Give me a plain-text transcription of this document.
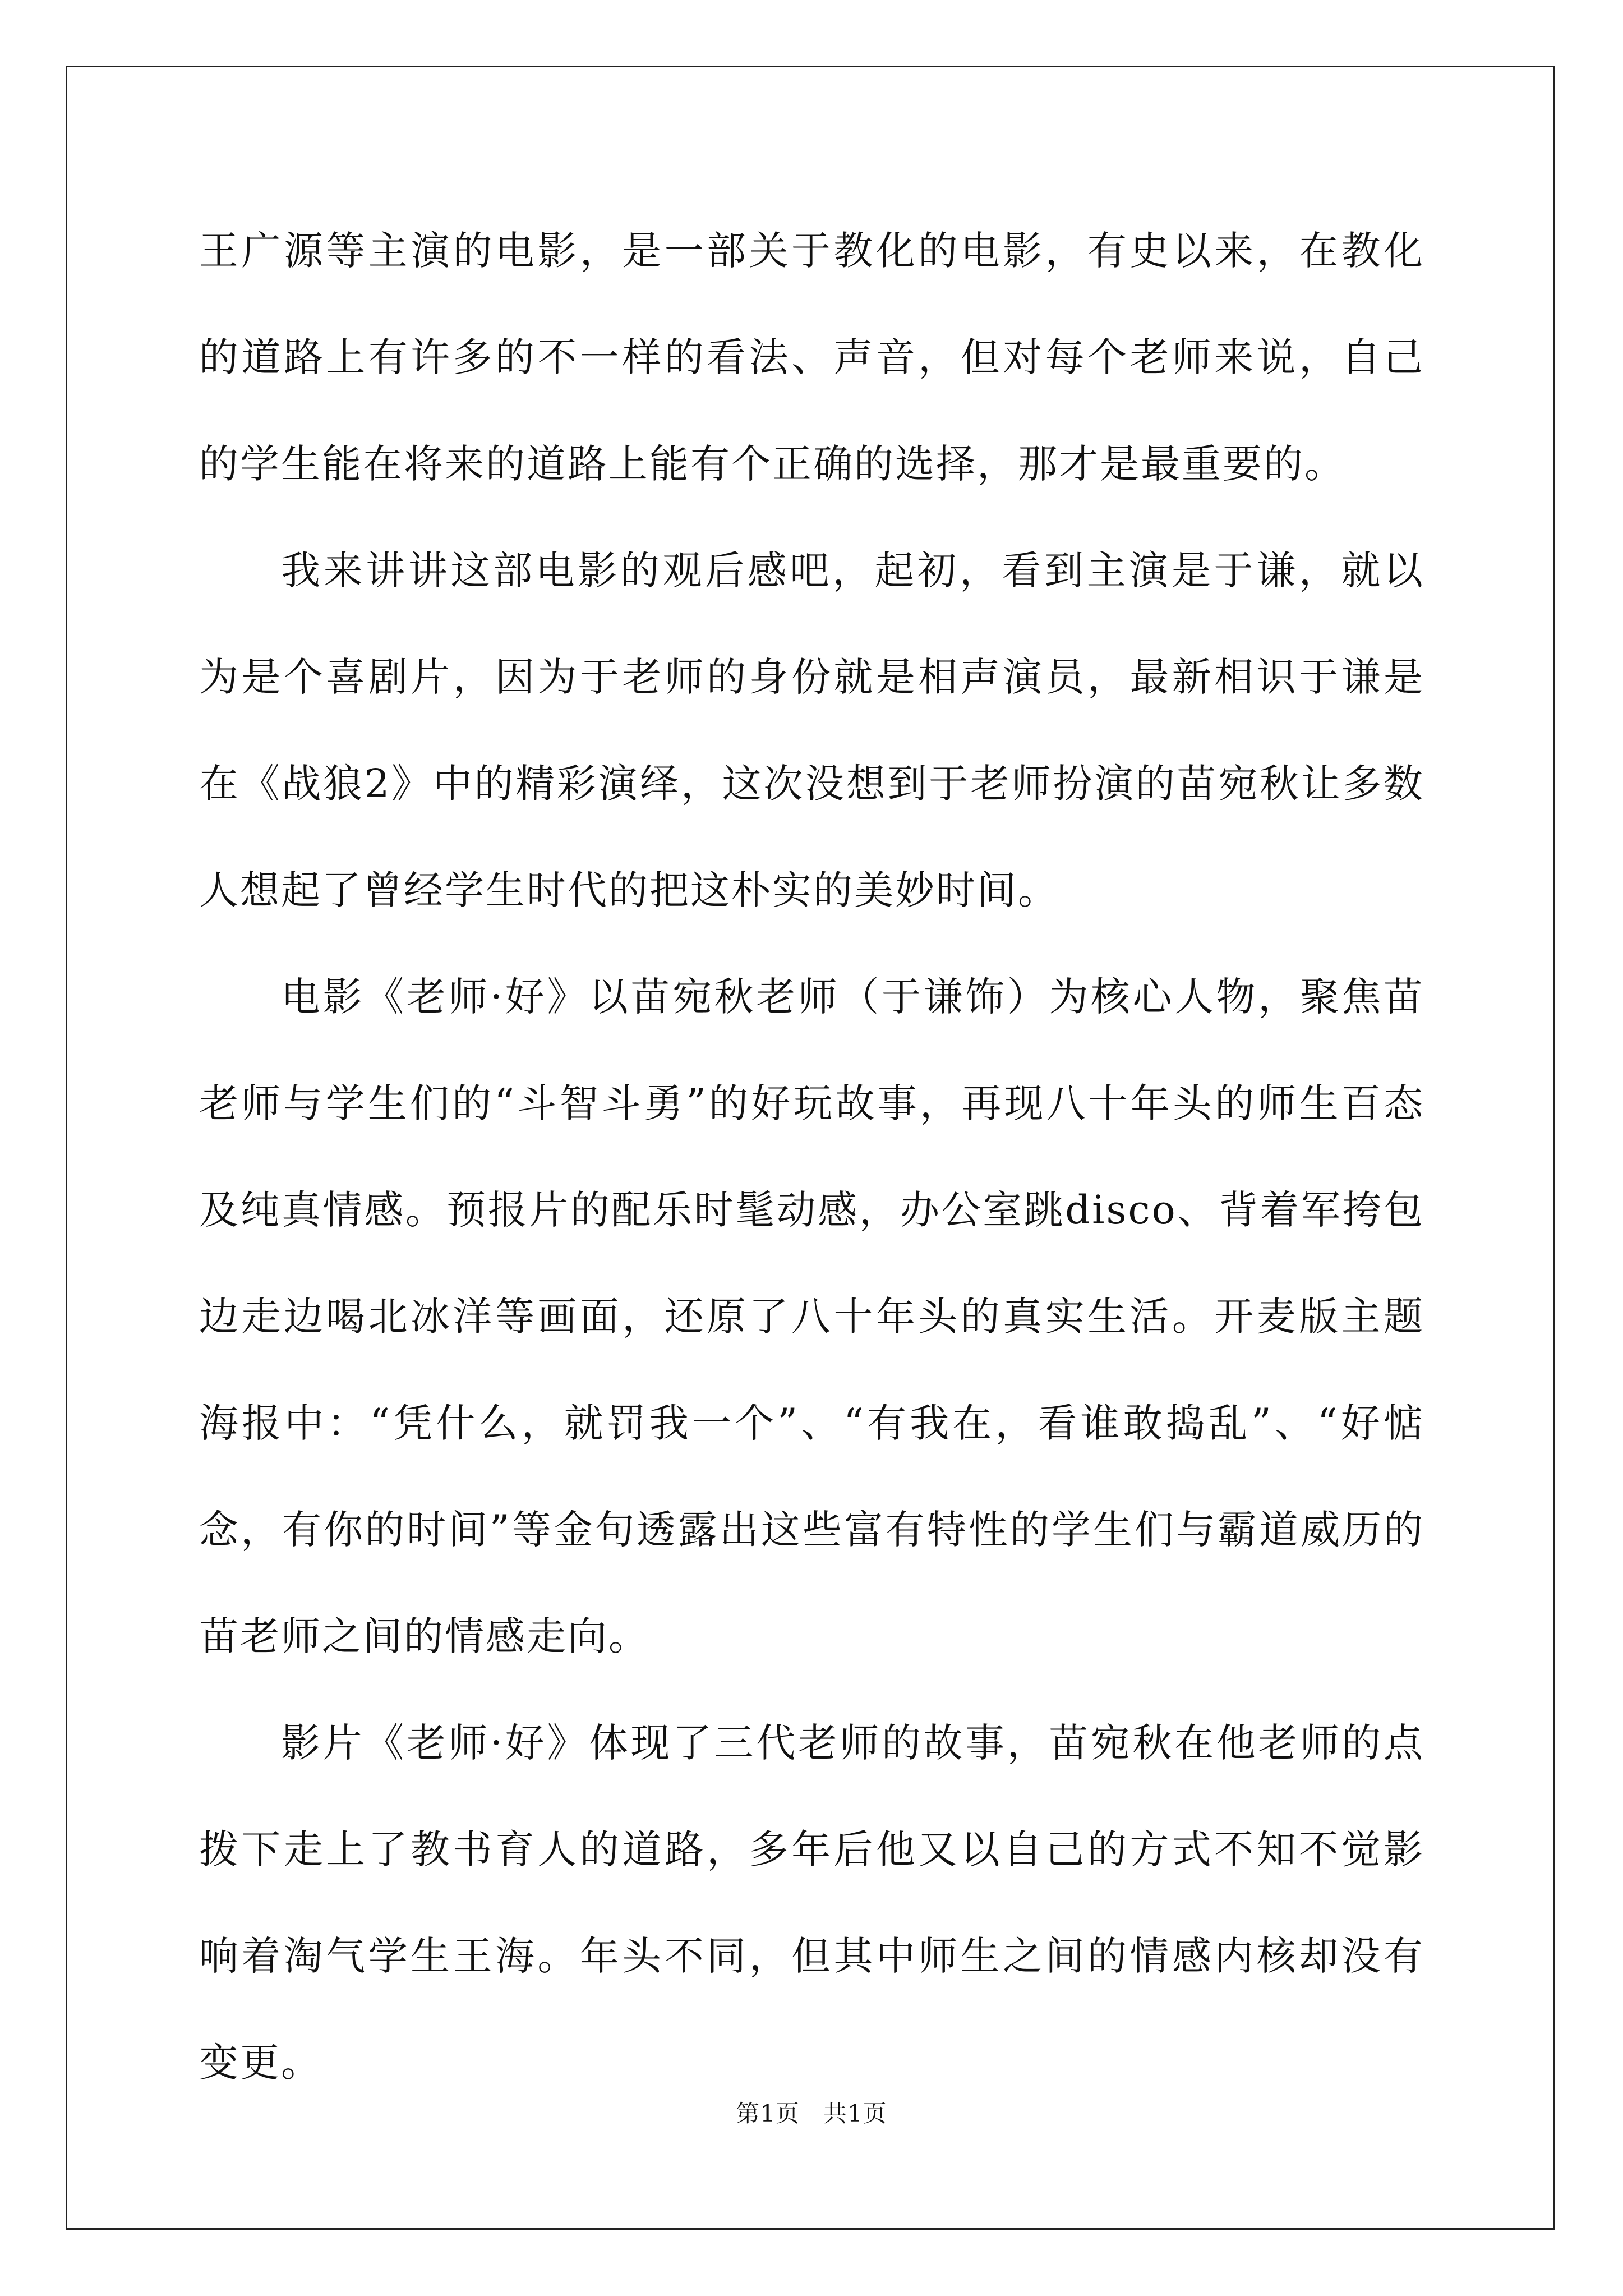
王广源等主演的电影，是一部关于教化的电影，有史以来，在教化的道路上有许多的不一样的看法、声音，但对每个老师来说，自己的学生能在将来的道路上能有个正确的选择，那才是最重要的。

我来讲讲这部电影的观后感吧，起初，看到主演是于谦，就以为是个喜剧片，因为于老师的身份就是相声演员，最新相识于谦是在《战狼2》中的精彩演绎，这次没想到于老师扮演的苗宛秋让多数人想起了曾经学生时代的把这朴实的美妙时间。

电影《老师·好》以苗宛秋老师（于谦饰）为核心人物，聚焦苗老师与学生们的“斗智斗勇”的好玩故事，再现八十年头的师生百态及纯真情感。预报片的配乐时髦动感，办公室跳disco、背着军挎包边走边喝北冰洋等画面，还原了八十年头的真实生活。开麦版主题海报中：“凭什么，就罚我一个”、“有我在，看谁敢捣乱”、“好惦念，有你的时间”等金句透露出这些富有特性的学生们与霸道威历的苗老师之间的情感走向。

影片《老师·好》体现了三代老师的故事，苗宛秋在他老师的点拨下走上了教书育人的道路，多年后他又以自己的方式不知不觉影响着淘气学生王海。年头不同，但其中师生之间的情感内核却没有变更。

第1页 共1页
